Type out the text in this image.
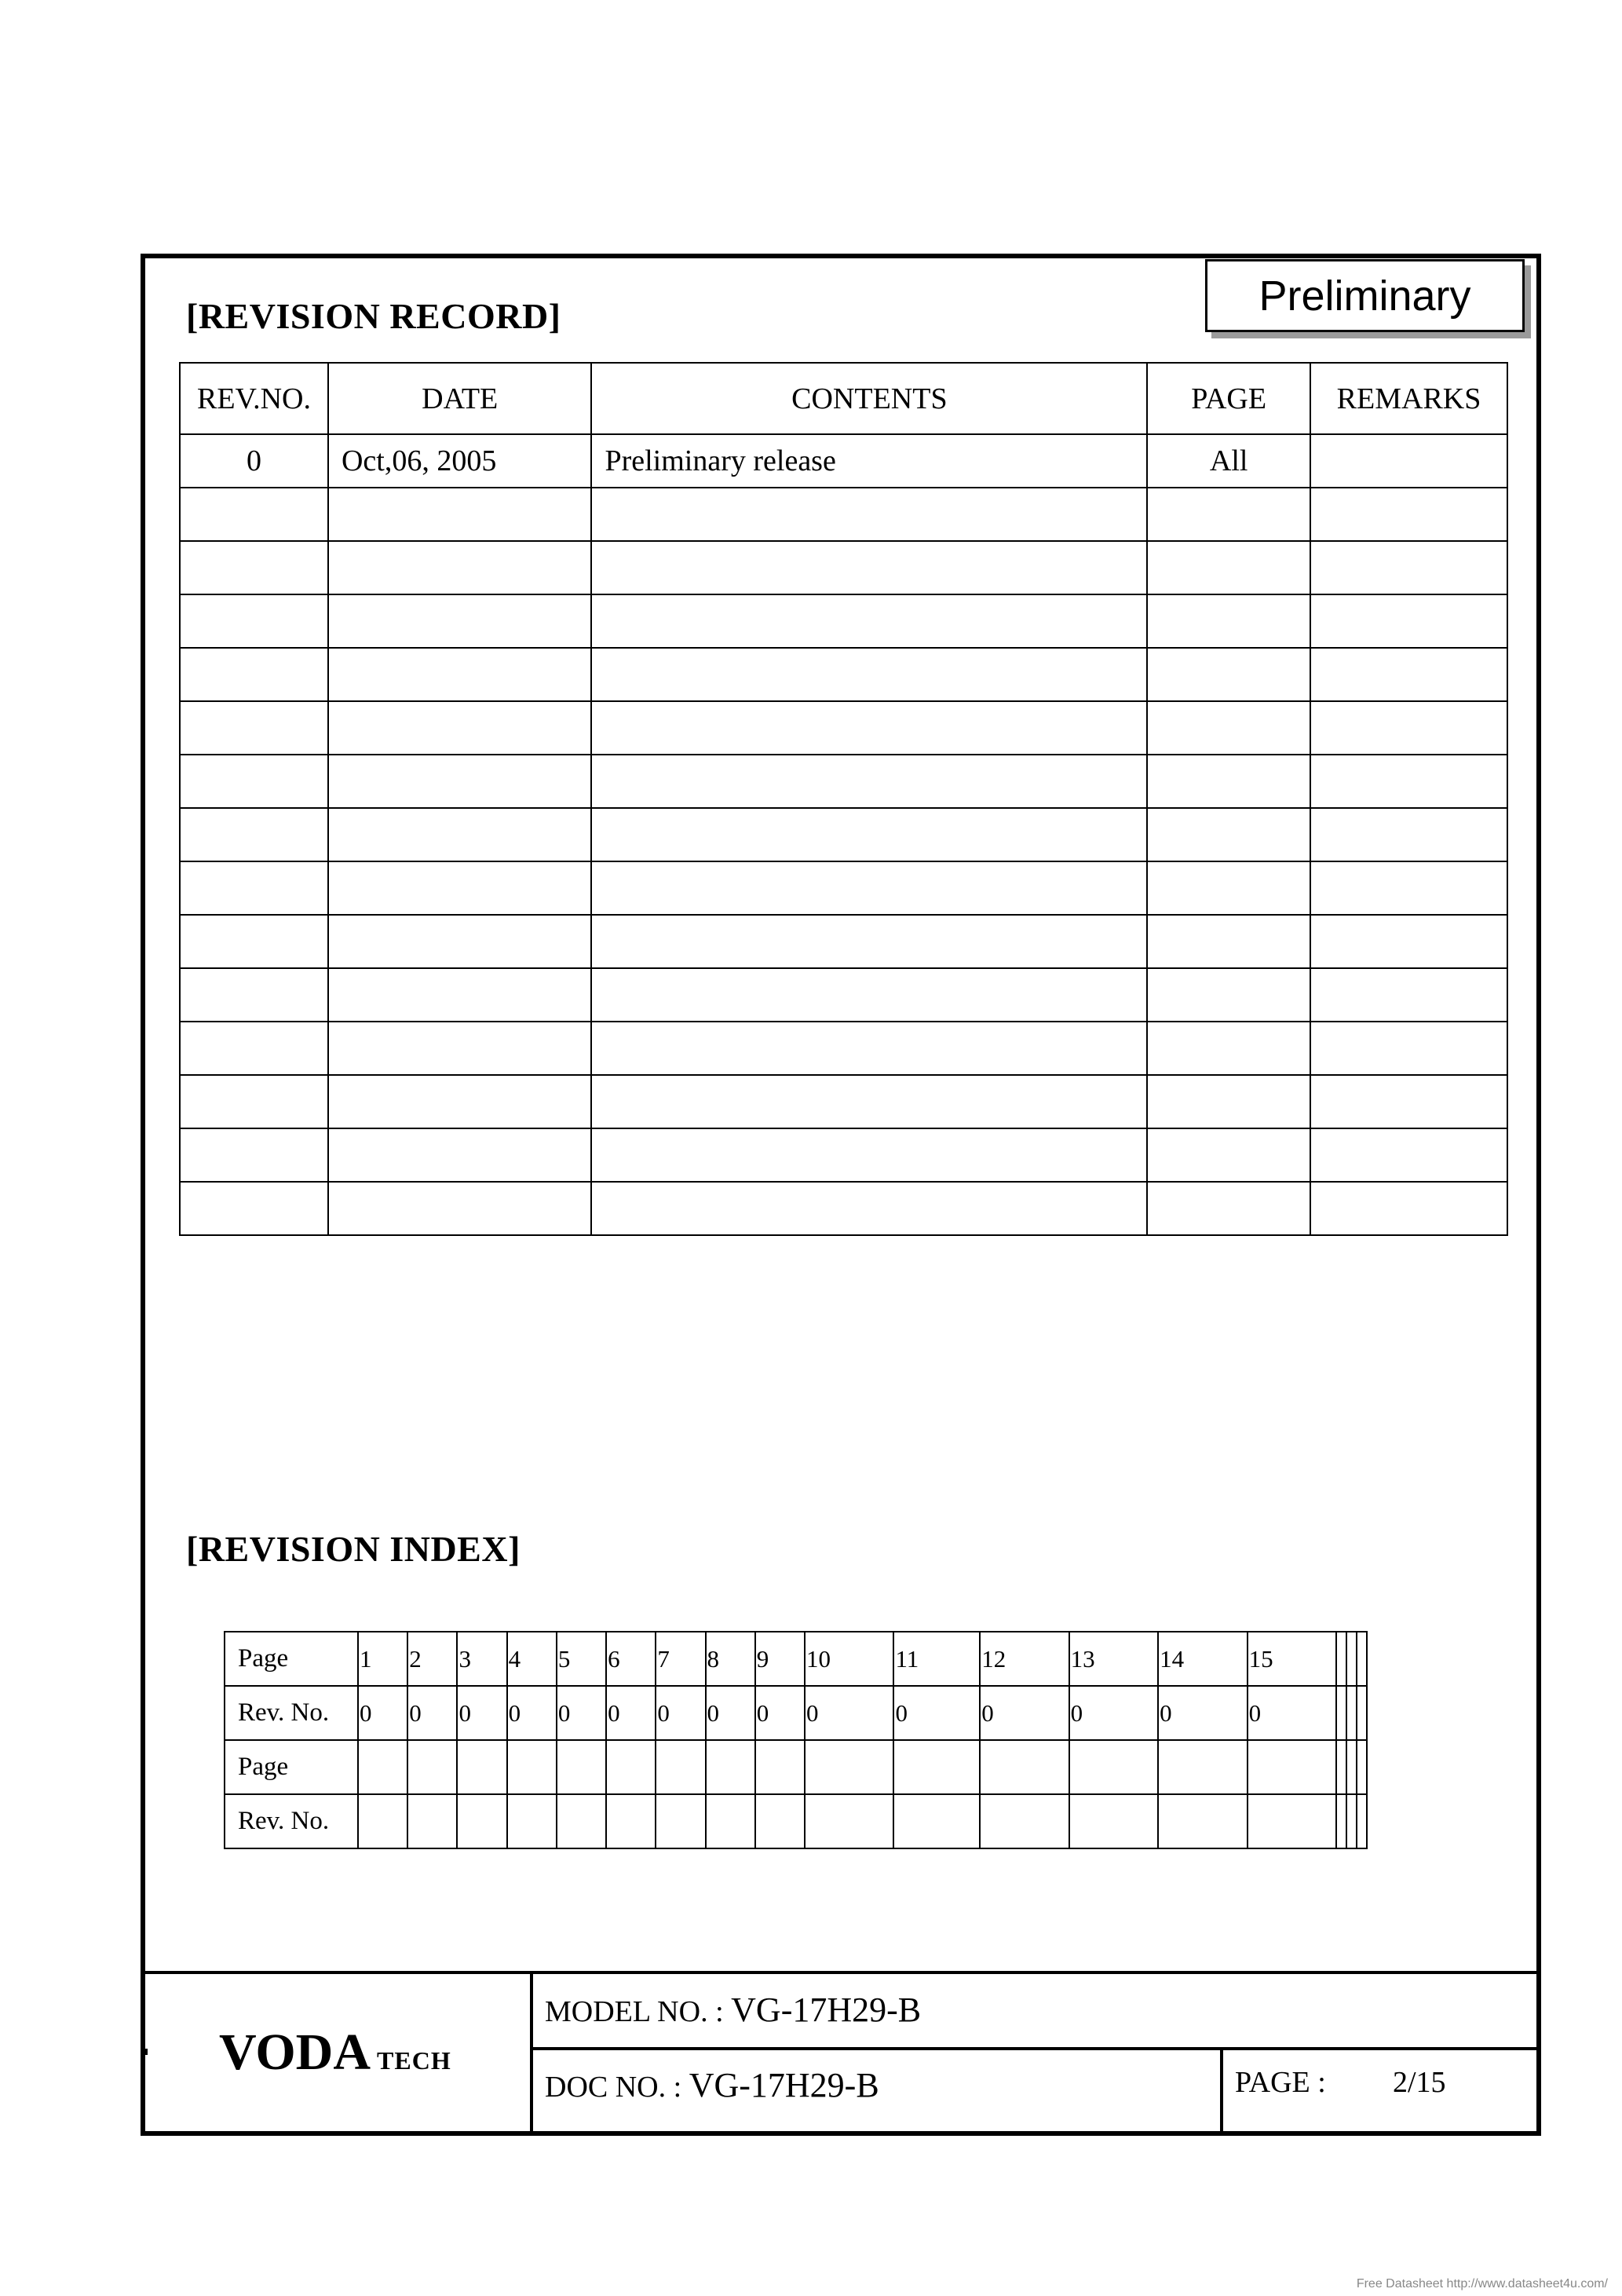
Preliminary
[REVISION RECORD]
REV.NO.	DATE	CONTENTS	PAGE	REMARKS
0	Oct,06, 2005	Preliminary release	All	

[REVISION INDEX]
Page	1	2	3	4	5	6	7	8	9	10	11	12	13	14	15			

Rev. No.	0	0	0	0	0	0	0	0	0	0	0	0	0	0	0			

Page	

Rev. No.	

VODA TECH
MODEL NO. : VG-17H29-B
DOC NO. : VG-17H29-B	PAGE : 2/15
Free Datasheet http://www.datasheet4u.com/
